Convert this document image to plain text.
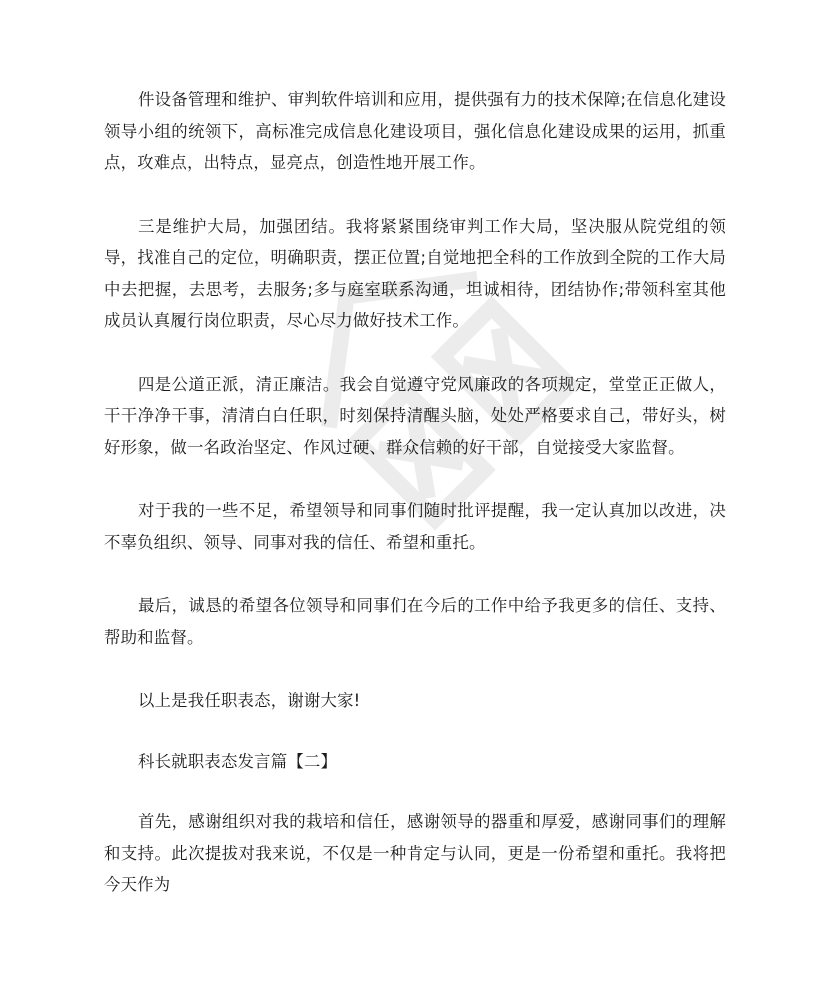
件设备管理和维护、审判软件培训和应用，提供强有力的技术保障;在信息化建设领导小组的统领下，高标准完成信息化建设项目，强化信息化建设成果的运用，抓重点，攻难点，出特点，显亮点，创造性地开展工作。

三是维护大局，加强团结。我将紧紧围绕审判工作大局，坚决服从院党组的领导，找准自己的定位，明确职责，摆正位置;自觉地把全科的工作放到全院的工作大局中去把握，去思考，去服务;多与庭室联系沟通，坦诚相待，团结协作;带领科室其他成员认真履行岗位职责，尽心尽力做好技术工作。

四是公道正派，清正廉洁。我会自觉遵守党风廉政的各项规定，堂堂正正做人，干干净净干事，清清白白任职，时刻保持清醒头脑，处处严格要求自己，带好头，树好形象，做一名政治坚定、作风过硬、群众信赖的好干部，自觉接受大家监督。

对于我的一些不足，希望领导和同事们随时批评提醒，我一定认真加以改进，决不辜负组织、领导、同事对我的信任、希望和重托。

最后，诚恳的希望各位领导和同事们在今后的工作中给予我更多的信任、支持、帮助和监督。

以上是我任职表态，谢谢大家!

科长就职表态发言篇【二】

首先，感谢组织对我的栽培和信任，感谢领导的器重和厚爱，感谢同事们的理解和支持。此次提拔对我来说，不仅是一种肯定与认同，更是一份希望和重托。我将把今天作为
